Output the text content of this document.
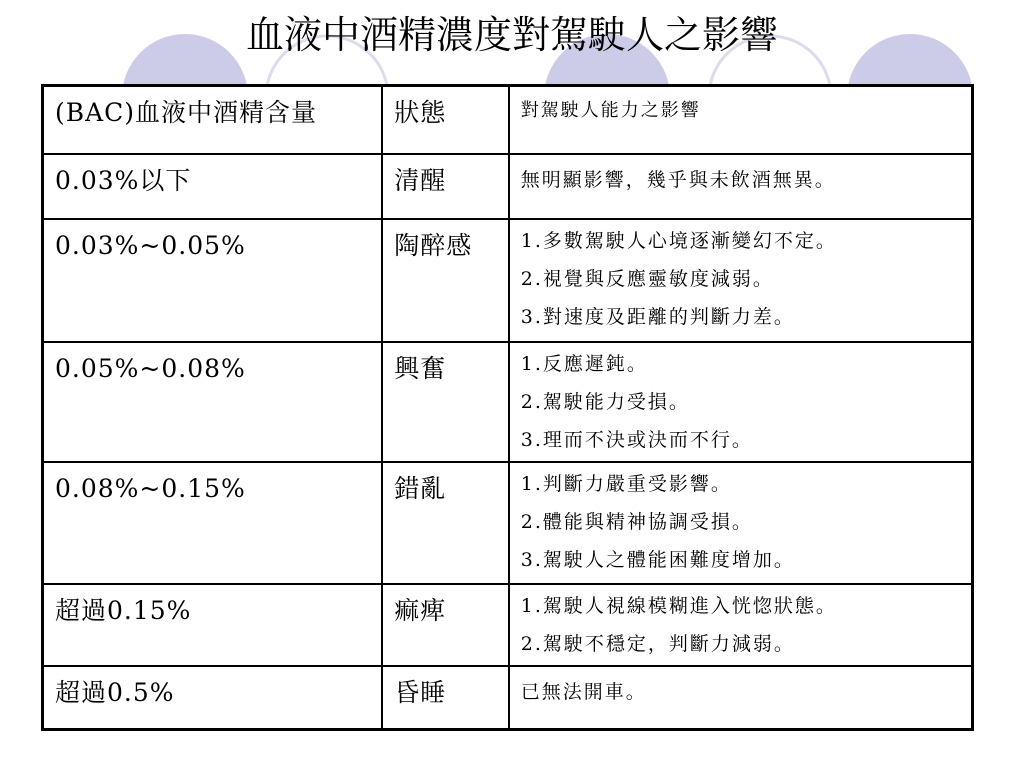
血液中酒精濃度對駕駛人之影響
(BAC)血液中酒精含量	狀態	對駕駛人能力之影響

0.03%以下	清醒	無明顯影響，幾乎與未飲酒無異。

0.03%~0.05%	陶醉感	1.多數駕駛人心境逐漸變幻不定。
2.視覺與反應靈敏度減弱。
3.對速度及距離的判斷力差。

0.05%~0.08%	興奮	1.反應遲鈍。
2.駕駛能力受損。
3.理而不決或決而不行。

0.08%~0.15%	錯亂	1.判斷力嚴重受影響。
2.體能與精神協調受損。
3.駕駛人之體能困難度增加。

超過0.15%	痲痺	1.駕駛人視線模糊進入恍惚狀態。
2.駕駛不穩定，判斷力減弱。

超過0.5%	昏睡	已無法開車。
